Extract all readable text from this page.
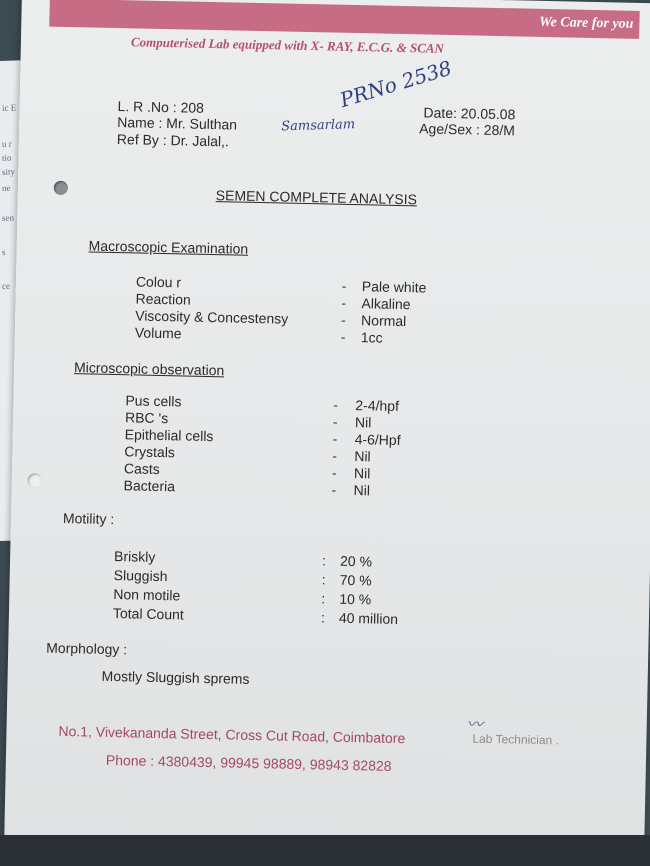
ic E
u r
tio
sity
ne
sen
s
ce
We Care for you
Computerised Lab equipped with X- RAY, E.C.G. & SCAN
PRNo 2538
Samsarlam
L. R .No : 208
Name : Mr. Sulthan
Ref By : Dr. Jalal,.
Date: 20.05.08
Age/Sex : 28/M
SEMEN COMPLETE ANALYSIS
Macroscopic Examination
Colou r	- Pale white
Reaction	- Alkaline
Viscosity & Concestensy	- Normal
Volume	- 1cc
Microscopic observation
Pus cells	- 2-4/hpf
RBC 's	- Nil
Epithelial cells	- 4-6/Hpf
Crystals	- Nil
Casts	- Nil
Bacteria	- Nil
Motility :
Briskly	: 20 %
Sluggish	: 70 %
Non motile	: 10 %
Total Count	: 40 million
Morphology :
Mostly Sluggish sprems
〰
No.1, Vivekananda Street, Cross Cut Road, Coimbatore	Lab Technician .
Phone : 4380439, 99945 98889, 98943 82828
